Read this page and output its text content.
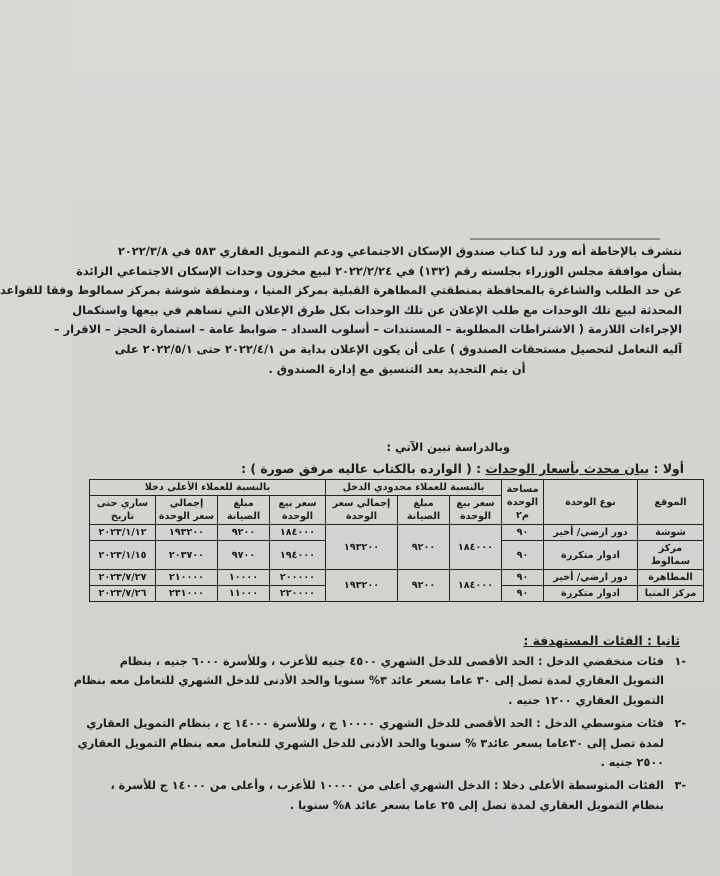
نتشرف بالإحاطة أنه ورد لنا كتاب صندوق الإسكان الاجتماعي ودعم التمويل العقاري ٥٨٣ في ٢٠٢٢/٣/٨

بشأن موافقة مجلس الوزراء بجلسته رقم (١٣٢) في ٢٠٢٢/٢/٢٤ لبيع مخزون وحدات الإسكان الاجتماعي الزائدة

عن حد الطلب والشاغرة بالمحافظة بمنطقتي المطاهرة القبلية بمركز المنيا ، ومنطقة شوشة بمركز سمالوط وفقا للقواعد

المحدثة لبيع تلك الوحدات مع طلب الإعلان عن تلك الوحدات بكل طرق الإعلان التي تساهم في بيعها واستكمال

الإجراءات اللازمة ( الاشتراطات المطلوبة – المستندات – أسلوب السداد – ضوابط عامة – استمارة الحجز – الاقرار –

آليه التعامل لتحصيل مستحقات الصندوق ) على أن يكون الإعلان بداية من ٢٠٢٢/٤/١ حتى ٢٠٢٢/٥/١ على

أن يتم التجديد بعد التنسيق مع إدارة الصندوق .

وبالدراسة تبين الآتي :
أولا : بيان محدث بأسعار الوحدات : ( الوارده بالكتاب عاليه مرفق صورة ) :
الموقع	نوع الوحدة	مساحة الوحدة م٢	بالنسبة للعملاء محدودي الدخل			بالنسبة للعملاء الأعلى دخلا			
			سعر بيع الوحدة	مبلغ الصيانة	إجمالي سعر الوحدة	سعر بيع الوحدة	مبلغ الصيانة	إجمالي سعر الوحدة	ساري حتى تاريخ
شوشة	دور ارضي/ أخير	٩٠	١٨٤٠٠٠	٩٢٠٠	١٩٣٢٠٠	١٨٤٠٠٠	٩٢٠٠	١٩٣٢٠٠	٢٠٢٣/١/١٢
مركز سمالوط	ادوار متكررة	٩٠				١٩٤٠٠٠	٩٧٠٠	٢٠٣٧٠٠	٢٠٢٣/١/١٥
المطاهرة	دور ارضي/ أخير	٩٠	١٨٤٠٠٠	٩٢٠٠	١٩٣٢٠٠	٢٠٠٠٠٠	١٠٠٠٠	٢١٠٠٠٠	٢٠٢٣/٧/٢٧
مركز المنيا	ادوار متكررة	٩٠				٢٢٠٠٠٠	١١٠٠٠	٢٣١٠٠٠	٢٠٢٣/٧/٢٦
ثانيا : الفئات المستهدفة :
-١

فئات منخفضي الدخل : الحد الأقصى للدخل الشهري ٤٥٠٠ جنيه للأعزب ، وللأسرة ٦٠٠٠ جنيه ، بنظام

التمويل العقاري لمدة تصل إلى ٣٠ عاما بسعر عائد ٣% سنويا والحد الأدنى للدخل الشهري للتعامل معه بنظام

التمويل العقاري ١٢٠٠ جنيه .

-٢

فئات متوسطي الدخل : الحد الأقصى للدخل الشهري ١٠٠٠٠ ج ، وللأسرة ١٤٠٠٠ ج ، بنظام التمويل العقاري

لمدة تصل إلى ٣٠عاما بسعر عائد٣ % سنويا والحد الأدنى للدخل الشهري للتعامل معه بنظام التمويل العقاري

٢٥٠٠ جنيه .

-٣

الفئات المتوسطة الأعلى دخلا : الدخل الشهري أعلى من ١٠٠٠٠ للأعزب ، وأعلى من ١٤٠٠٠ ج للأسرة ،

بنظام التمويل العقاري لمدة تصل إلى ٢٥ عاما بسعر عائد ٨% سنويا .
